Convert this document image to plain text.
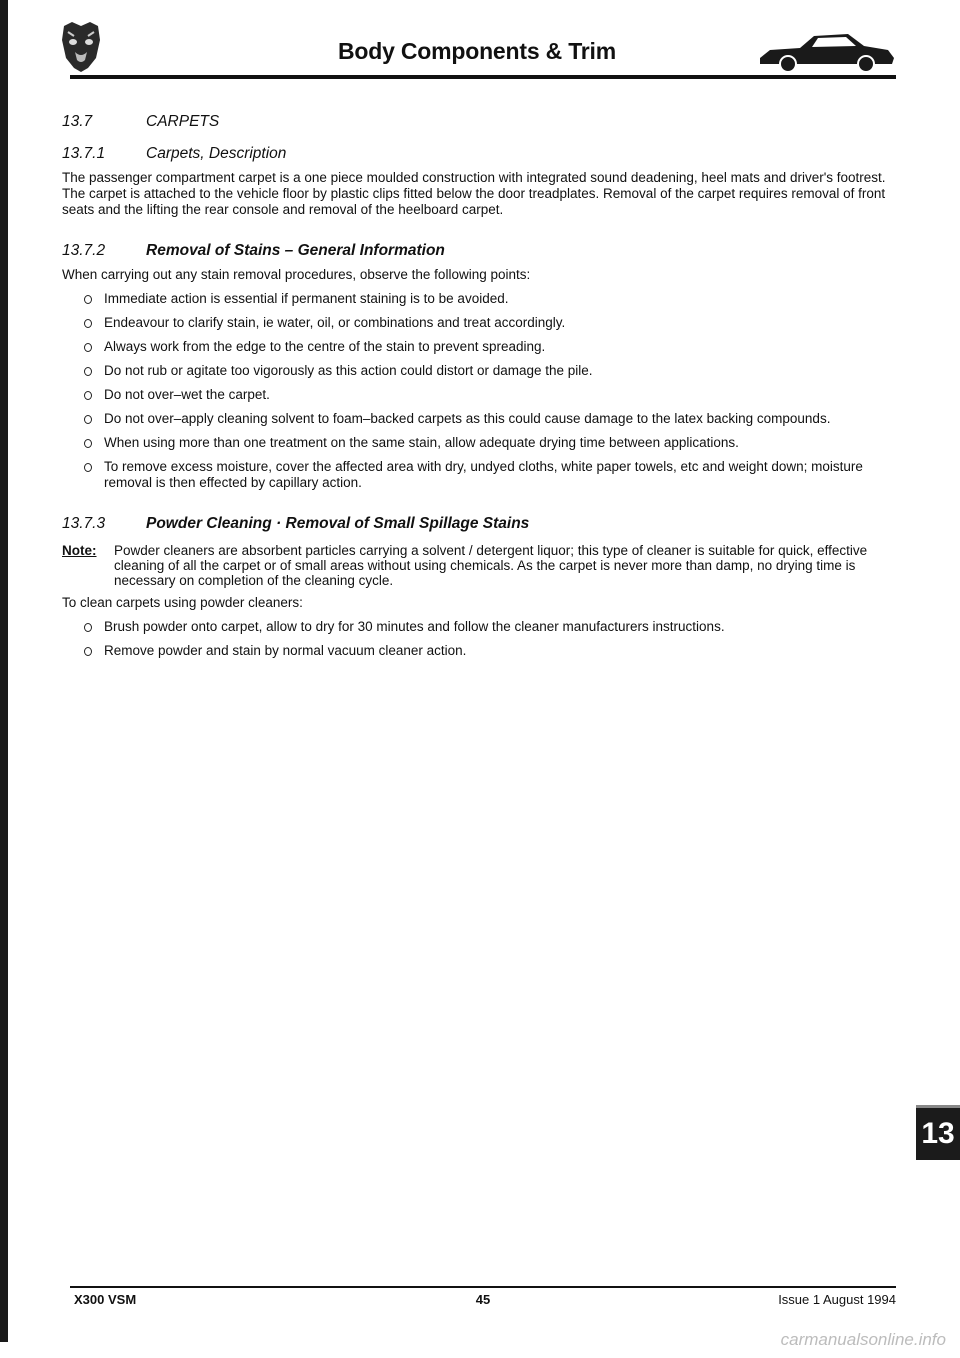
Body Components & Trim
13.7	CARPETS
13.7.1	Carpets, Description

The passenger compartment carpet is a one piece moulded construction with integrated sound deadening, heel mats and driver's footrest. The carpet is attached to the vehicle floor by plastic clips fitted below the door treadplates. Removal of the carpet requires removal of front seats and the lifting the rear console and removal of the heelboard carpet.

13.7.2	Removal of Stains – General Information

When carrying out any stain removal procedures, observe the following points:

Immediate action is essential if permanent staining is to be avoided.
Endeavour to clarify stain, ie water, oil, or combinations and treat accordingly.
Always work from the edge to the centre of the stain to prevent spreading.
Do not rub or agitate too vigorously as this action could distort or damage the pile.
Do not over–wet the carpet.
Do not over–apply cleaning solvent to foam–backed carpets as this could cause damage to the latex backing compounds.
When using more than one treatment on the same stain, allow adequate drying time between applications.
To remove excess moisture, cover the affected area with dry, undyed cloths, white paper towels, etc and weight down; moisture removal is then effected by capillary action.
13.7.3	Powder Cleaning · Removal of Small Spillage Stains
Note:	Powder cleaners are absorbent particles carrying a solvent / detergent liquor; this type of cleaner is suitable for quick, effective cleaning of all the carpet or of small areas without using chemicals. As the carpet is never more than damp, no drying time is necessary on completion of the cleaning cycle.

To clean carpets using powder cleaners:

Brush powder onto carpet, allow to dry for 30 minutes and follow the cleaner manufacturers instructions.
Remove powder and stain by normal vacuum cleaner action.
13
X300 VSM	45	Issue 1 August 1994
carmanualsonline.info
